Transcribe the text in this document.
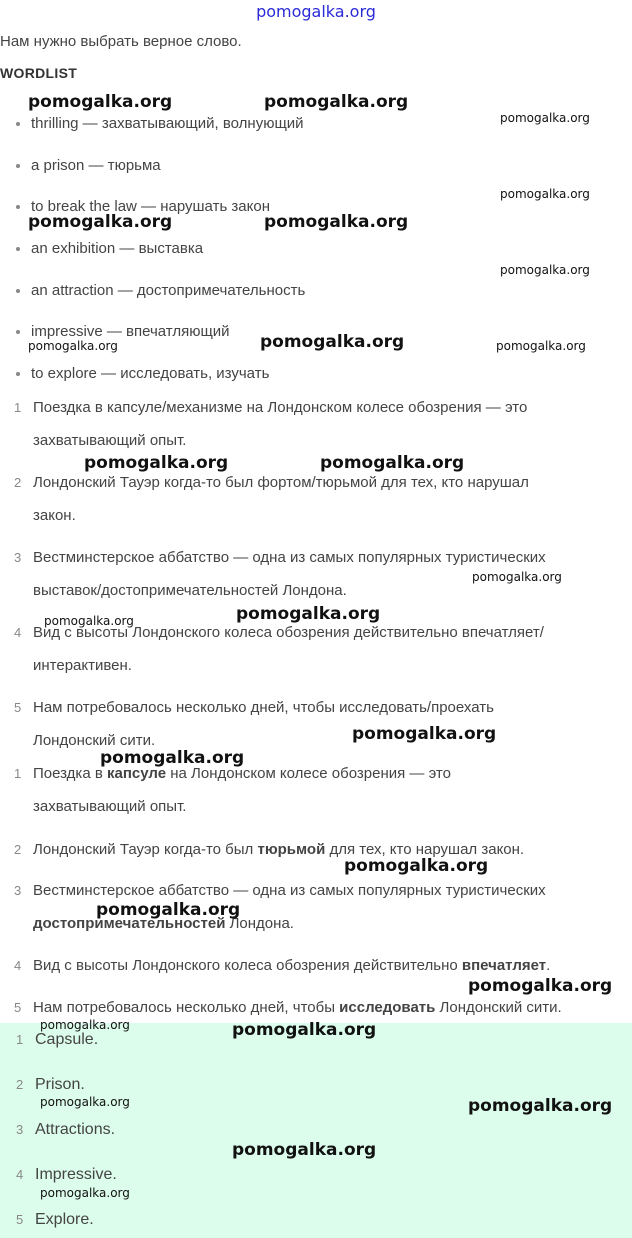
pomogalka.org
Нам нужно выбрать верное слово.
WORDLIST
thrilling — захватывающий, волнующий
a prison — тюрьма
to break the law — нарушать закон
an exhibition — выставка
an attraction — достопримечательность
impressive — впечатляющий
to explore — исследовать, изучать
1 Поездка в капсуле/механизме на Лондонском колесе обозрения — это
захватывающий опыт.
2 Лондонский Тауэр когда-то был фортом/тюрьмой для тех, кто нарушал
закон.
3 Вестминстерское аббатство — одна из самых популярных туристических
выставок/достопримечательностей Лондона.
4 Вид с высоты Лондонского колеса обозрения действительно впечатляет/
интерактивен.
5 Нам потребовалось несколько дней, чтобы исследовать/проехать
Лондонский сити.
1 Поездка в капсуле на Лондонском колесе обозрения — это
захватывающий опыт.
2 Лондонский Тауэр когда-то был тюрьмой для тех, кто нарушал закон.
3 Вестминстерское аббатство — одна из самых популярных туристических
достопримечательностей Лондона.
4 Вид с высоты Лондонского колеса обозрения действительно впечатляет.
5 Нам потребовалось несколько дней, чтобы исследовать Лондонский сити.
1 Capsule.
2 Prison.
3 Attractions.
4 Impressive.
5 Explore.
pomogalka.org	pomogalka.org
pomogalka.org
pomogalka.org
pomogalka.org	pomogalka.org
pomogalka.org
pomogalka.org	pomogalka.org	pomogalka.org
pomogalka.org	pomogalka.org
pomogalka.org
pomogalka.org	pomogalka.org
pomogalka.org
pomogalka.org
pomogalka.org
pomogalka.org
pomogalka.org
pomogalka.org	pomogalka.org
pomogalka.org	pomogalka.org
pomogalka.org
pomogalka.org
